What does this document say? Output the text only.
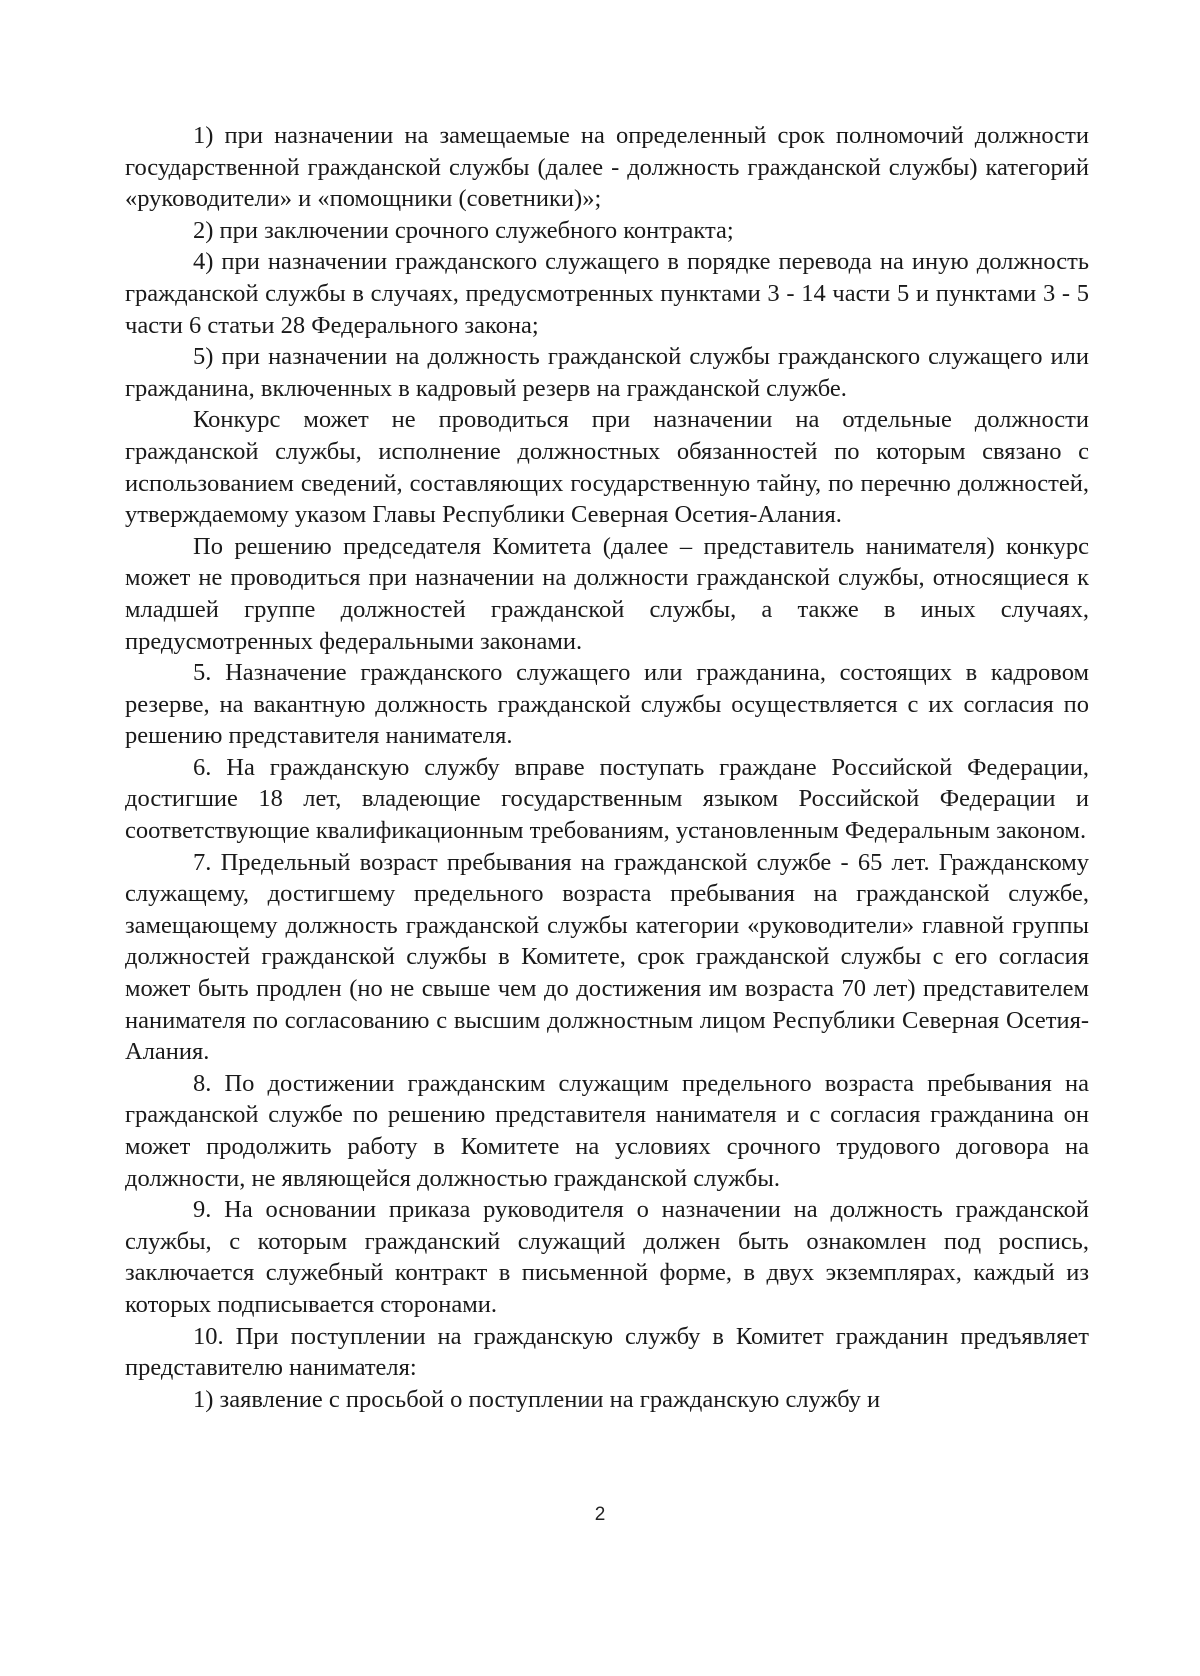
1) при назначении на замещаемые на определенный срок полномочий должности государственной гражданской службы (далее - должность гражданской службы) категорий «руководители» и «помощники (советники)»;

2) при заключении срочного служебного контракта;

4) при назначении гражданского служащего в порядке перевода на иную должность гражданской службы в случаях, предусмотренных пунктами 3 - 14 части 5 и пунктами 3 - 5 части 6 статьи 28 Федерального закона;

5) при назначении на должность гражданской службы гражданского служащего или гражданина, включенных в кадровый резерв на гражданской службе.

Конкурс может не проводиться при назначении на отдельные должности гражданской службы, исполнение должностных обязанностей по которым связано с использованием сведений, составляющих государственную тайну, по перечню должностей, утверждаемому указом Главы Республики Северная Осетия-Алания.

По решению председателя Комитета (далее – представитель нанимателя) конкурс может не проводиться при назначении на должности гражданской службы, относящиеся к младшей группе должностей гражданской службы, а также в иных случаях, предусмотренных федеральными законами.

5. Назначение гражданского служащего или гражданина, состоящих в кадровом резерве, на вакантную должность гражданской службы осуществляется с их согласия по решению представителя нанимателя.

6. На гражданскую службу вправе поступать граждане Российской Федерации, достигшие 18 лет, владеющие государственным языком Российской Федерации и соответствующие квалификационным требованиям, установленным Федеральным законом.

7. Предельный возраст пребывания на гражданской службе - 65 лет. Гражданскому служащему, достигшему предельного возраста пребывания на гражданской службе, замещающему должность гражданской службы категории «руководители» главной группы должностей гражданской службы в Комитете, срок гражданской службы с его согласия может быть продлен (но не свыше чем до достижения им возраста 70 лет) представителем нанимателя по согласованию с высшим должностным лицом Республики Северная Осетия-Алания.

8. По достижении гражданским служащим предельного возраста пребывания на гражданской службе по решению представителя нанимателя и с согласия гражданина он может продолжить работу в Комитете на условиях срочного трудового договора на должности, не являющейся должностью гражданской службы.

9. На основании приказа руководителя о назначении на должность гражданской службы, с которым гражданский служащий должен быть ознакомлен под роспись, заключается служебный контракт в письменной форме, в двух экземплярах, каждый из которых подписывается сторонами.

10. При поступлении на гражданскую службу в Комитет гражданин предъявляет представителю нанимателя:

1) заявление с просьбой о поступлении на гражданскую службу и

2
